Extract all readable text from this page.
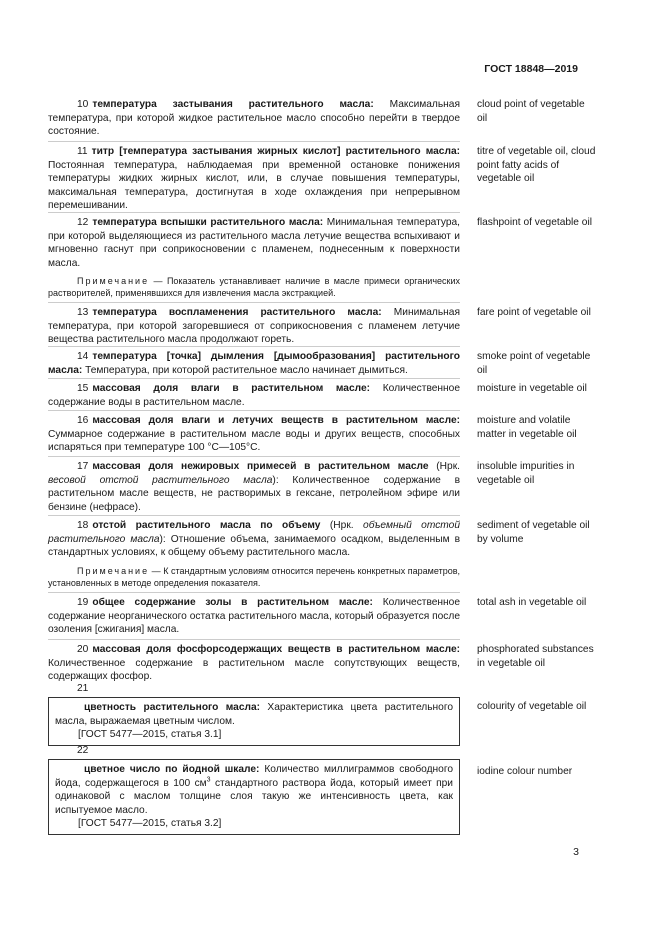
ГОСТ 18848—2019

10 температура застывания растительного масла: Максимальная температура, при которой жидкое растительное масло способно перейти в твердое состояние.

cloud point of vegetable oil

11 титр [температура застывания жирных кислот] растительного масла: Постоянная температура, наблюдаемая при временной остановке понижения температуры жидких жирных кислот, или, в случае повышения температуры, максимальная температура, достигнутая в ходе охлаждения при непрерывном перемешивании.

titre of vegetable oil, cloud point fatty acids of vegetable oil

12 температура вспышки растительного масла: Минимальная температура, при которой выделяющиеся из растительного масла летучие вещества вспыхивают и мгновенно гаснут при соприкосновении с пламенем, поднесенным к поверхности масла.

flashpoint of vegetable oil

Примечание — Показатель устанавливает наличие в масле примеси органических растворителей, применявшихся для извлечения масла экстракцией.

13 температура воспламенения растительного масла: Минимальная температура, при которой загоревшиеся от соприкосновения с пламенем летучие вещества растительного масла продолжают гореть.

fare point of vegetable oil

14 температура [точка] дымления [дымообразования] растительного масла: Температура, при которой растительное масло начинает дымиться.

smoke point of vegetable oil

15 массовая доля влаги в растительном масле: Количественное содержание воды в растительном масле.

moisture in vegetable oil

16 массовая доля влаги и летучих веществ в растительном масле: Суммарное содержание в растительном масле воды и других веществ, способных испаряться при температуре 100 °С—105°С.

moisture and volatile matter in vegetable oil

17 массовая доля нежировых примесей в растительном масле (Нрк. весовой отстой растительного масла): Количественное содержание в растительном масле веществ, не растворимых в гексане, петролейном эфире или бензине (нефрасе).

insoluble impurities in vegetable oil

18 отстой растительного масла по объему (Нрк. объемный отстой растительного масла): Отношение объема, занимаемого осадком, выделенным в стандартных условиях, к общему объему растительного масла.

sediment of vegetable oil by volume

Примечание — К стандартным условиям относится перечень конкретных параметров, установленных в методе определения показателя.

19 общее содержание золы в растительном масле: Количественное содержание неорганического остатка растительного масла, который образуется после озоления [сжигания] масла.

total ash in vegetable oil

20 массовая доля фосфорсодержащих веществ в растительном масле: Количественное содержание в растительном масле сопутствующих веществ, содержащих фосфор.

phosphorated substances in vegetable oil
21

цветность растительного масла: Характеристика цвета растительного масла, выражаемая цветным числом.

[ГОСТ 5477—2015, статья 3.1]

colourity of vegetable oil
22

цветное число по йодной шкале: Количество миллиграммов свободного йода, содержащегося в 100 $см^3$ стандартного раствора йода, который имеет при одинаковой с маслом толщине слоя такую же интенсивность цвета, как испытуемое масло.

[ГОСТ 5477—2015, статья 3.2]

iodine colour number
3
